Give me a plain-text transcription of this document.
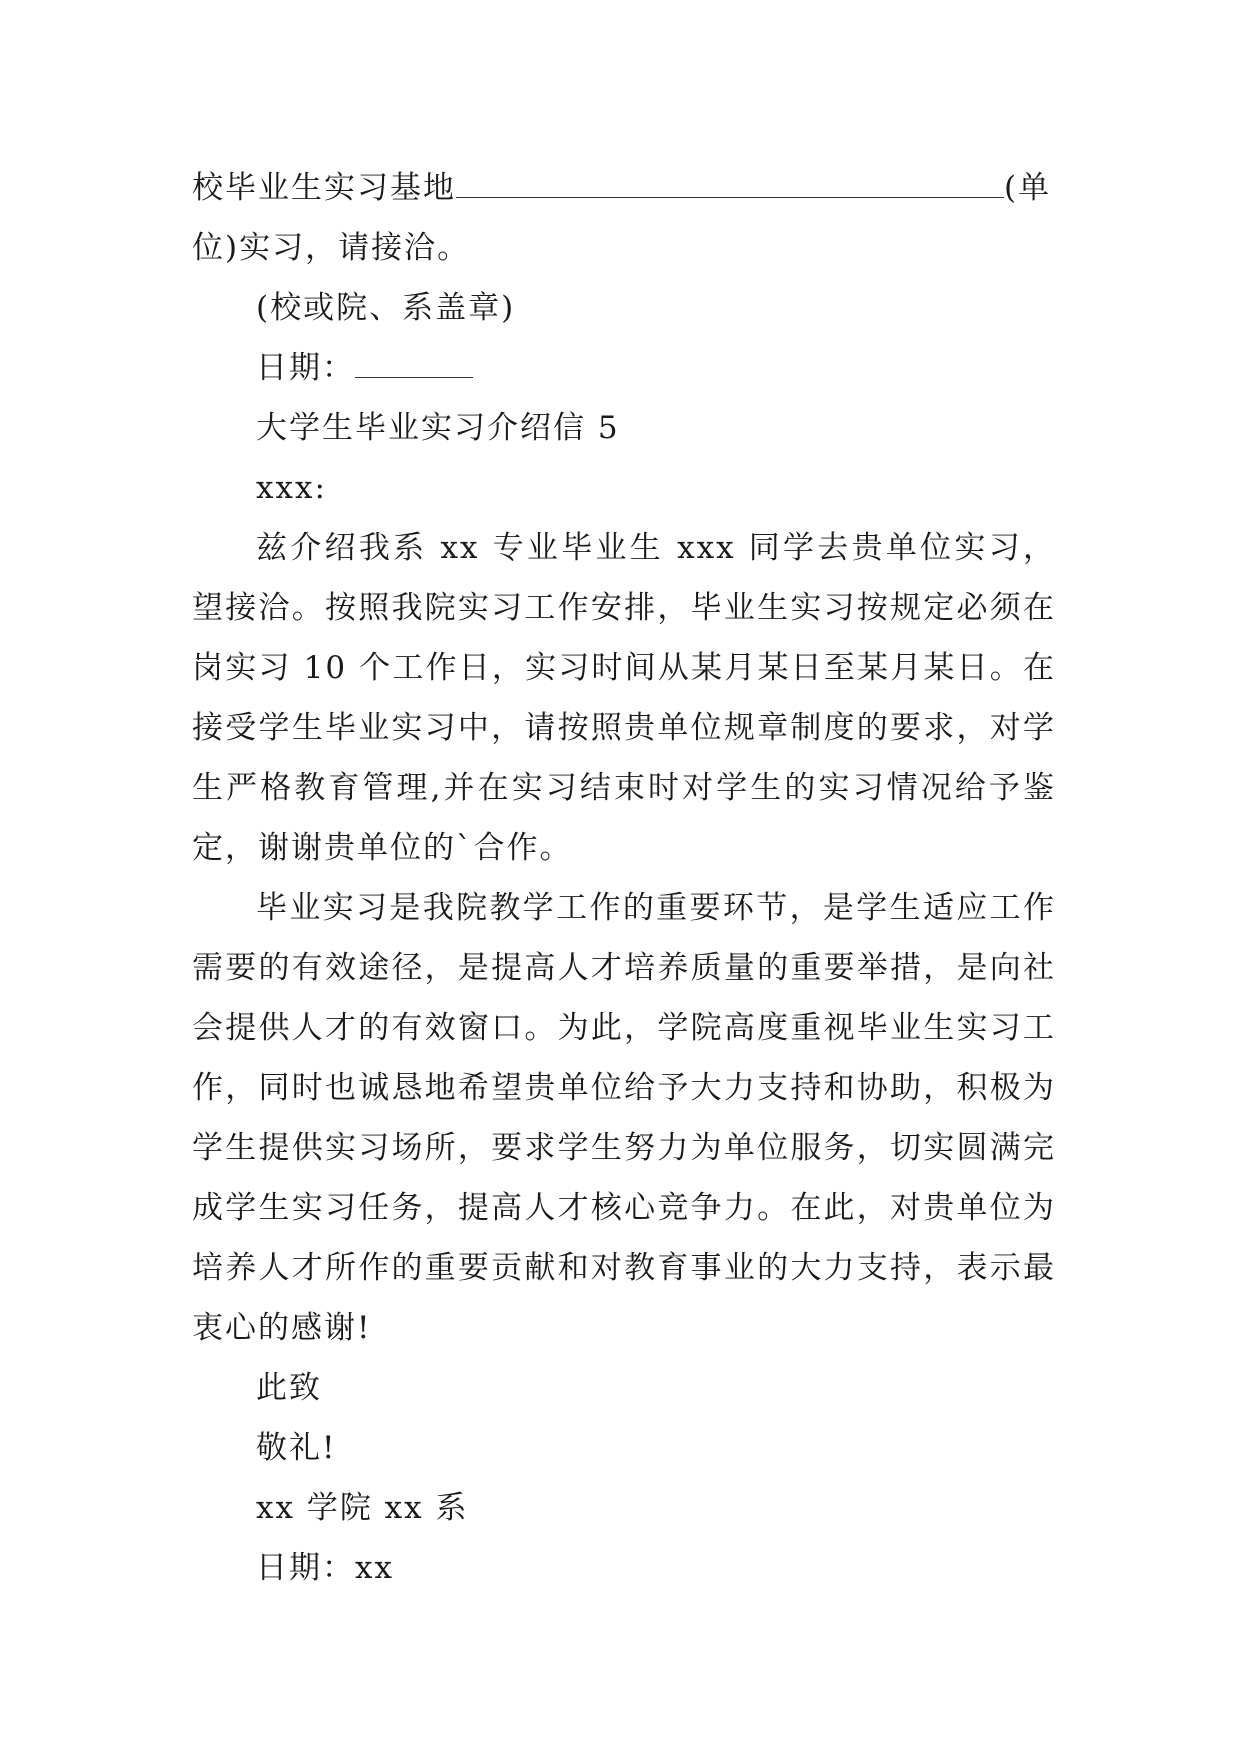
校毕业生实习基地	(单

位)实习，请接洽。

(校或院、系盖章)

日期：

大学生毕业实习介绍信 5

xxx:

兹介绍我系 xx 专业毕业生 xxx 同学去贵单位实习，望接洽。按照我院实习工作安排，毕业生实习按规定必须在岗实习 10 个工作日，实习时间从某月某日至某月某日。在接受学生毕业实习中，请按照贵单位规章制度的要求，对学生严格教育管理,并在实习结束时对学生的实习情况给予鉴定，谢谢贵单位的`合作。

毕业实习是我院教学工作的重要环节，是学生适应工作需要的有效途径，是提高人才培养质量的重要举措，是向社会提供人才的有效窗口。为此，学院高度重视毕业生实习工作，同时也诚恳地希望贵单位给予大力支持和协助，积极为学生提供实习场所，要求学生努力为单位服务，切实圆满完成学生实习任务，提高人才核心竞争力。在此，对贵单位为培养人才所作的重要贡献和对教育事业的大力支持，表示最衷心的感谢!

此致

敬礼!

xx 学院 xx 系

日期：xx
